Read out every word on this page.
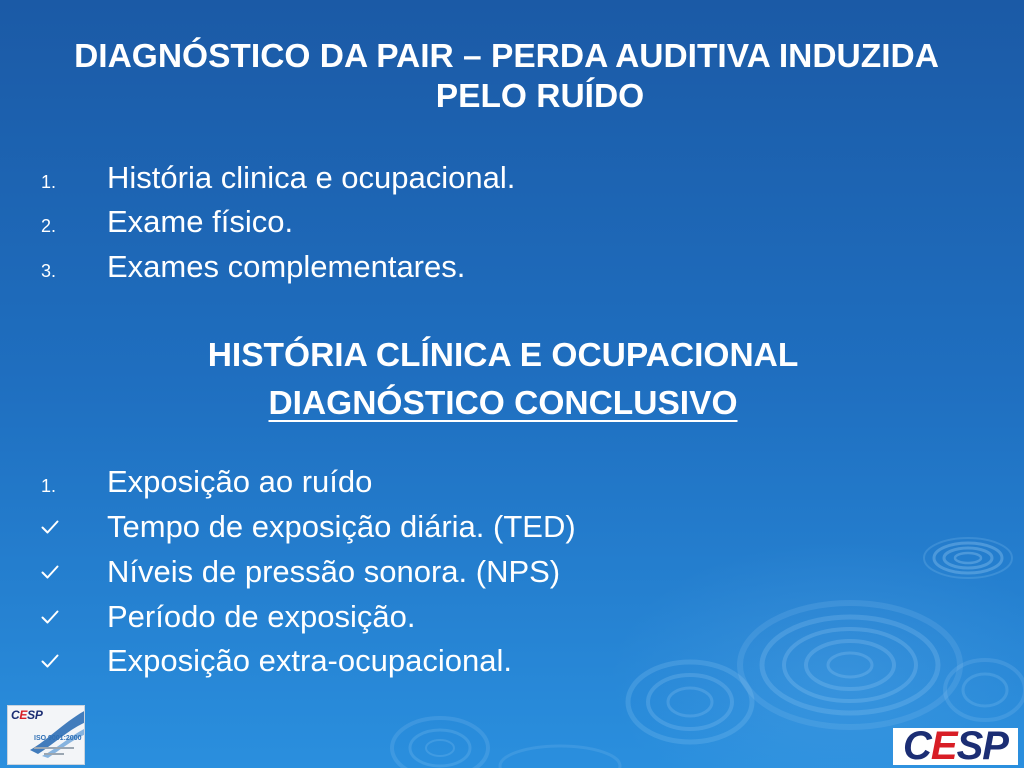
DIAGNÓSTICO DA PAIR – PERDA AUDITIVA INDUZIDA
PELO RUÍDO
1. História clinica e ocupacional.
2. Exame físico.
3. Exames complementares.
HISTÓRIA CLÍNICA E OCUPACIONAL
DIAGNÓSTICO CONCLUSIVO
1. Exposição ao ruído
Tempo de exposição diária. (TED)
Níveis de pressão sonora. (NPS)
Período de exposição.
Exposição extra-ocupacional.
CESP
ISO 9001:2000	CESP
